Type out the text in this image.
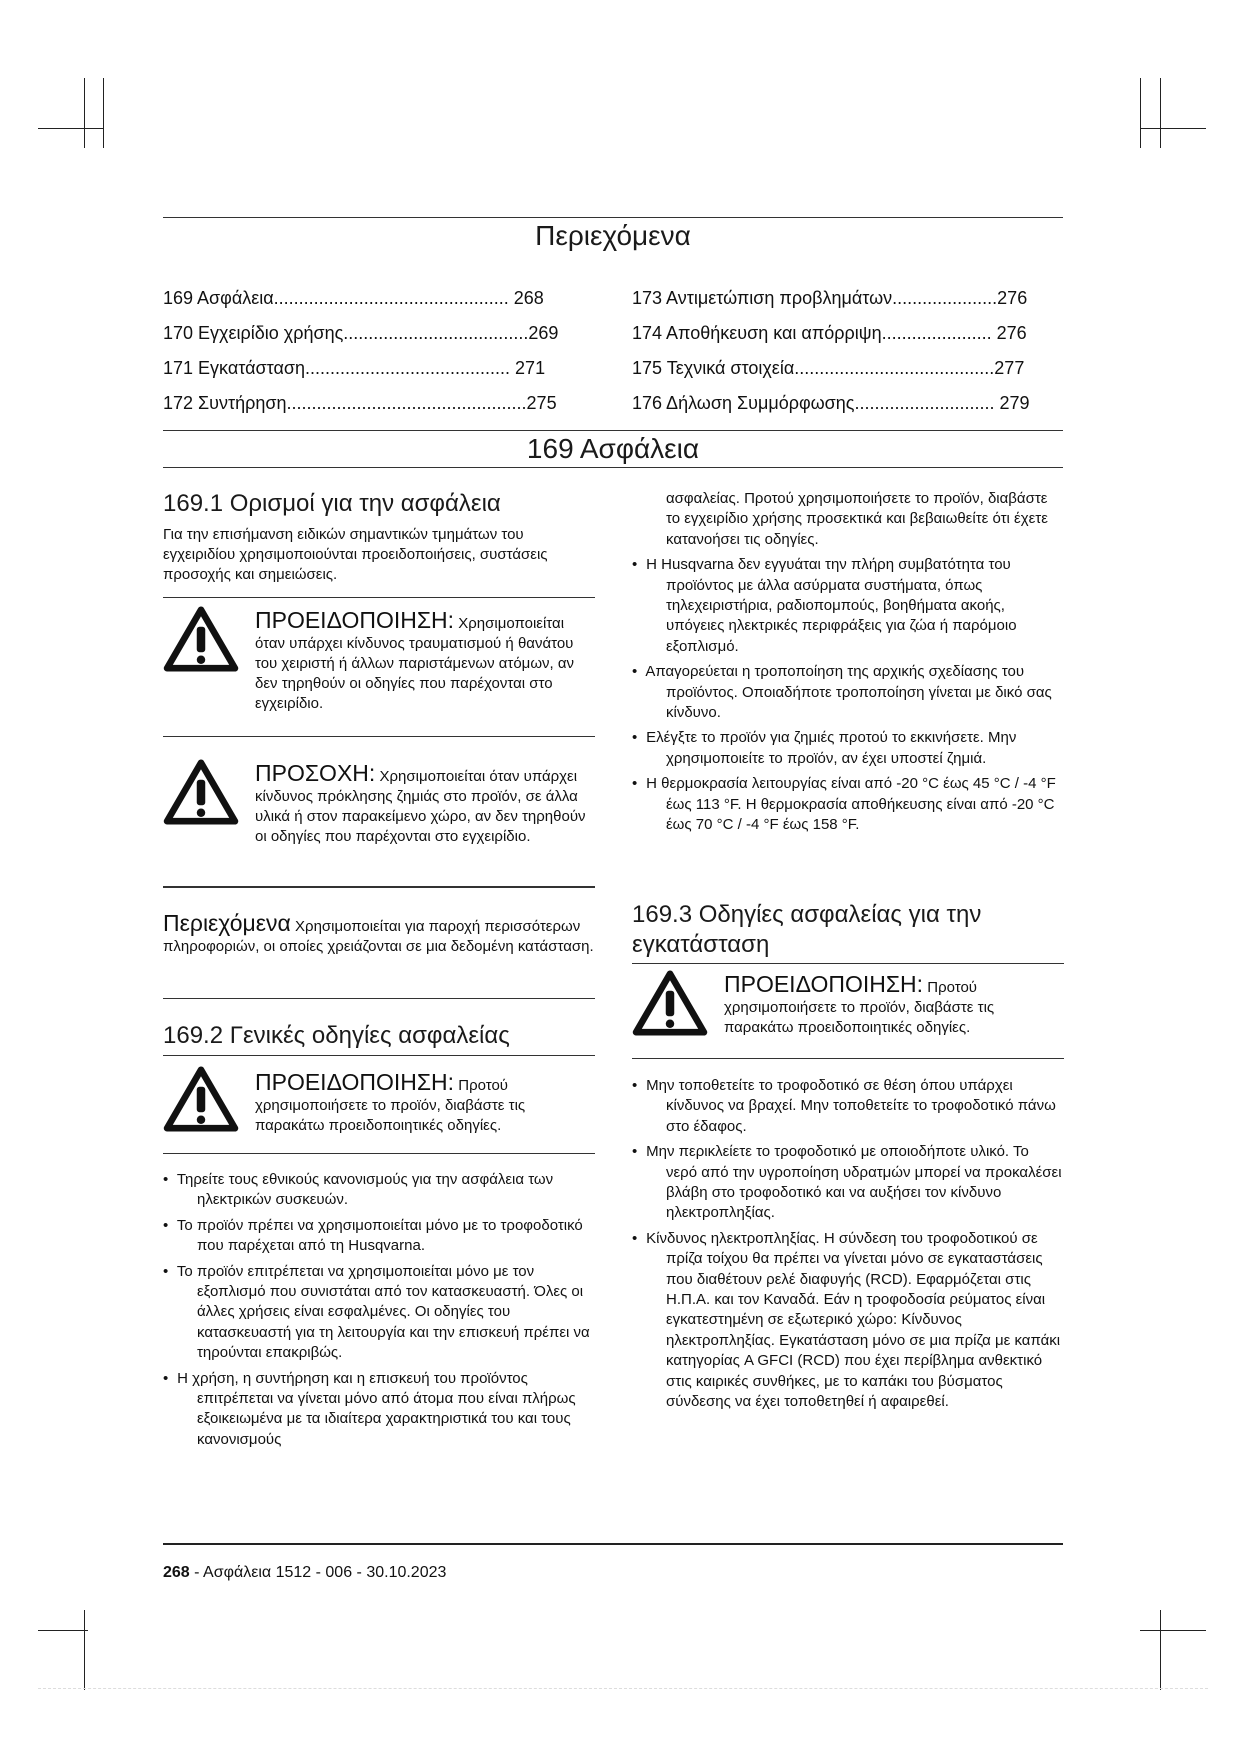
Περιεχόμενα
169 Ασφάλεια............................................... 268
170 Εγχειρίδιο χρήσης.....................................269
171 Εγκατάσταση......................................... 271
172 Συντήρηση................................................275
173 Αντιμετώπιση προβλημάτων.....................276
174 Αποθήκευση και απόρριψη...................... 276
175 Τεχνικά στοιχεία........................................277
176 Δήλωση Συμμόρφωσης............................ 279
169 Ασφάλεια
169.1 Ορισμοί για την ασφάλεια

Για την επισήμανση ειδικών σημαντικών τμημάτων του εγχειριδίου χρησιμοποιούνται προειδοποιήσεις, συστάσεις προσοχής και σημειώσεις.

ΠΡΟΕΙΔΟΠΟΙΗΣΗ: Χρησιμοποιείται όταν υπάρχει κίνδυνος τραυματισμού ή θανάτου του χειριστή ή άλλων παριστάμενων ατόμων, αν δεν τηρηθούν οι οδηγίες που παρέχονται στο εγχειρίδιο.
ΠΡΟΣΟΧΗ: Χρησιμοποιείται όταν υπάρχει κίνδυνος πρόκλησης ζημιάς στο προϊόν, σε άλλα υλικά ή στον παρακείμενο χώρο, αν δεν τηρηθούν οι οδηγίες που παρέχονται στο εγχειρίδιο.
Περιεχόμενα Χρησιμοποιείται για παροχή περισσότερων πληροφοριών, οι οποίες χρειάζονται σε μια δεδομένη κατάσταση.
169.2 Γενικές οδηγίες ασφαλείας
ΠΡΟΕΙΔΟΠΟΙΗΣΗ: Προτού χρησιμοποιήσετε το προϊόν, διαβάστε τις παρακάτω προειδοποιητικές οδηγίες.
• Τηρείτε τους εθνικούς κανονισμούς για την ασφάλεια των ηλεκτρικών συσκευών.
• Το προϊόν πρέπει να χρησιμοποιείται μόνο με το τροφοδοτικό που παρέχεται από τη Husqvarna.
• Το προϊόν επιτρέπεται να χρησιμοποιείται μόνο με τον εξοπλισμό που συνιστάται από τον κατασκευαστή. Όλες οι άλλες χρήσεις είναι εσφαλμένες. Οι οδηγίες του κατασκευαστή για τη λειτουργία και την επισκευή πρέπει να τηρούνται επακριβώς.
• Η χρήση, η συντήρηση και η επισκευή του προϊόντος επιτρέπεται να γίνεται μόνο από άτομα που είναι πλήρως εξοικειωμένα με τα ιδιαίτερα χαρακτηριστικά του και τους κανονισμούς

ασφαλείας. Προτού χρησιμοποιήσετε το προϊόν, διαβάστε το εγχειρίδιο χρήσης προσεκτικά και βεβαιωθείτε ότι έχετε κατανοήσει τις οδηγίες.

• Η Husqvarna δεν εγγυάται την πλήρη συμβατότητα του προϊόντος με άλλα ασύρματα συστήματα, όπως τηλεχειριστήρια, ραδιοπομπούς, βοηθήματα ακοής, υπόγειες ηλεκτρικές περιφράξεις για ζώα ή παρόμοιο εξοπλισμό.
• Απαγορεύεται η τροποποίηση της αρχικής σχεδίασης του προϊόντος. Οποιαδήποτε τροποποίηση γίνεται με δικό σας κίνδυνο.
• Ελέγξτε το προϊόν για ζημιές προτού το εκκινήσετε. Μην χρησιμοποιείτε το προϊόν, αν έχει υποστεί ζημιά.
• Η θερμοκρασία λειτουργίας είναι από -20 °C έως 45 °C / -4 °F έως 113 °F. Η θερμοκρασία αποθήκευσης είναι από -20 °C έως 70 °C / -4 °F έως 158 °F.
169.3 Οδηγίες ασφαλείας για την εγκατάσταση
ΠΡΟΕΙΔΟΠΟΙΗΣΗ: Προτού χρησιμοποιήσετε το προϊόν, διαβάστε τις παρακάτω προειδοποιητικές οδηγίες.
• Μην τοποθετείτε το τροφοδοτικό σε θέση όπου υπάρχει κίνδυνος να βραχεί. Μην τοποθετείτε το τροφοδοτικό πάνω στο έδαφος.
• Μην περικλείετε το τροφοδοτικό με οποιοδήποτε υλικό. Το νερό από την υγροποίηση υδρατμών μπορεί να προκαλέσει βλάβη στο τροφοδοτικό και να αυξήσει τον κίνδυνο ηλεκτροπληξίας.
• Κίνδυνος ηλεκτροπληξίας. Η σύνδεση του τροφοδοτικού σε πρίζα τοίχου θα πρέπει να γίνεται μόνο σε εγκαταστάσεις που διαθέτουν ρελέ διαφυγής (RCD). Εφαρμόζεται στις Η.Π.Α. και τον Καναδά. Εάν η τροφοδοσία ρεύματος είναι εγκατεστημένη σε εξωτερικό χώρο: Κίνδυνος ηλεκτροπληξίας. Εγκατάσταση μόνο σε μια πρίζα με καπάκι κατηγορίας A GFCI (RCD) που έχει περίβλημα ανθεκτικό στις καιρικές συνθήκες, με το καπάκι του βύσματος σύνδεσης να έχει τοποθετηθεί ή αφαιρεθεί.
268 - Ασφάλεια 1512 - 006 - 30.10.2023
